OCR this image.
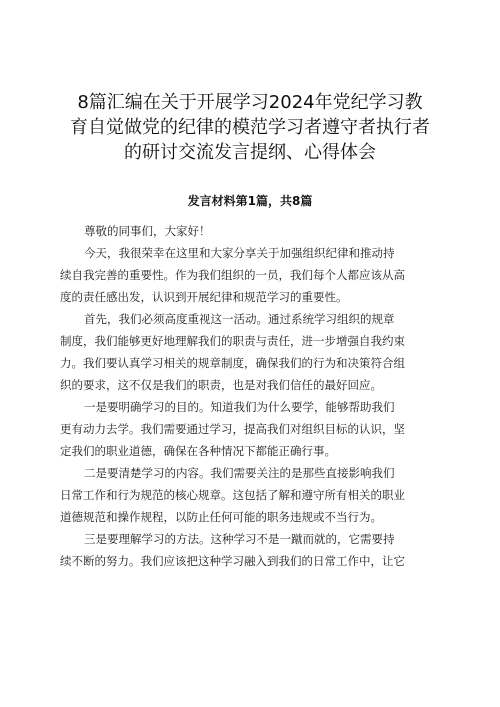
8篇汇编在关于开展学习2024年党纪学习教
育自觉做党的纪律的模范学习者遵守者执行者
的研讨交流发言提纲、心得体会
发言材料第1篇，共8篇
尊敬的同事们，大家好！
今天，我很荣幸在这里和大家分享关于加强组织纪律和推动持
续自我完善的重要性。作为我们组织的一员，我们每个人都应该从高
度的责任感出发，认识到开展纪律和规范学习的重要性。
首先，我们必须高度重视这一活动。通过系统学习组织的规章
制度，我们能够更好地理解我们的职责与责任，进一步增强自我约束
力。我们要认真学习相关的规章制度，确保我们的行为和决策符合组
织的要求，这不仅是我们的职责，也是对我们信任的最好回应。
一是要明确学习的目的。知道我们为什么要学，能够帮助我们
更有动力去学。我们需要通过学习，提高我们对组织目标的认识，坚
定我们的职业道德，确保在各种情况下都能正确行事。
二是要清楚学习的内容。我们需要关注的是那些直接影响我们
日常工作和行为规范的核心规章。这包括了解和遵守所有相关的职业
道德规范和操作规程，以防止任何可能的职务违规或不当行为。
三是要理解学习的方法。这种学习不是一蹴而就的，它需要持
续不断的努力。我们应该把这种学习融入到我们的日常工作中，让它
